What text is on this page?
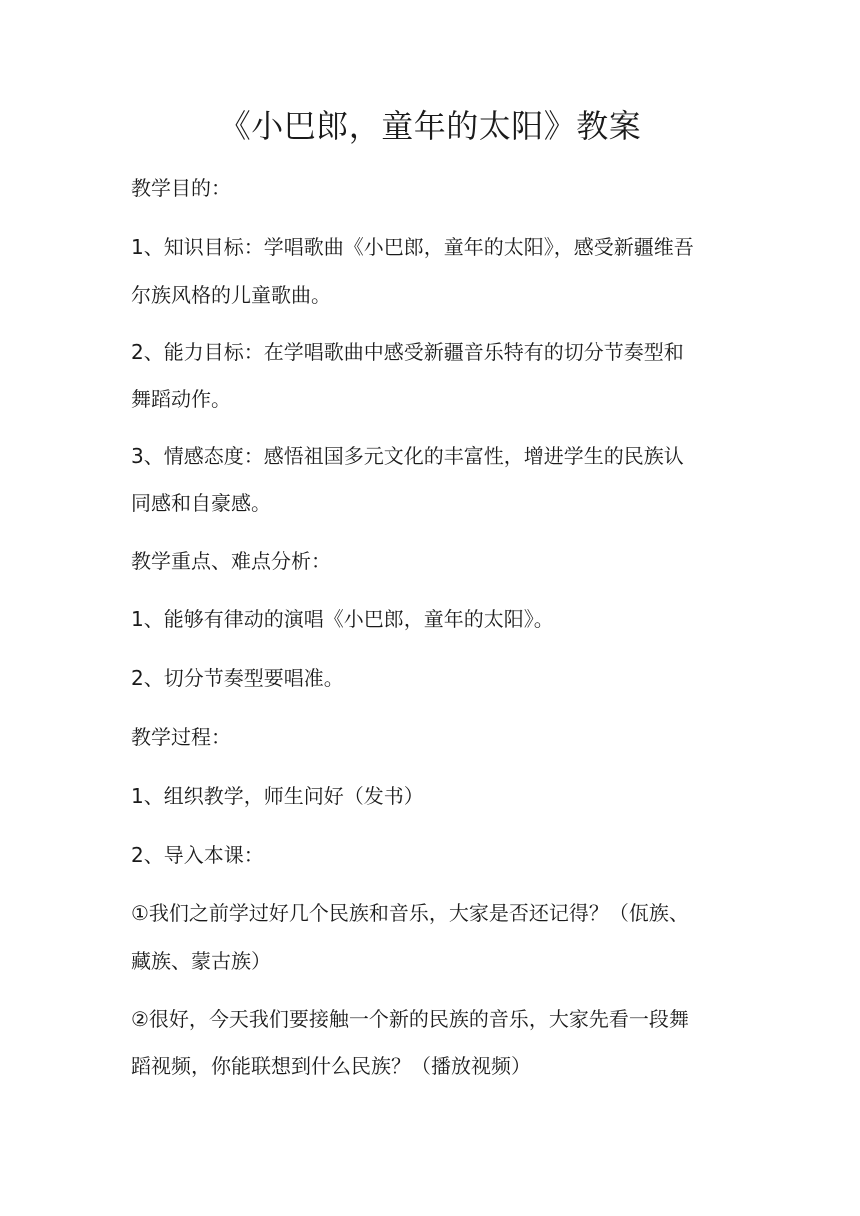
《小巴郎，童年的太阳》教案
教学目的：
1、知识目标：学唱歌曲《小巴郎，童年的太阳》，感受新疆维吾
尔族风格的儿童歌曲。
2、能力目标：在学唱歌曲中感受新疆音乐特有的切分节奏型和
舞蹈动作。
3、情感态度：感悟祖国多元文化的丰富性，增进学生的民族认
同感和自豪感。
教学重点、难点分析：
1、能够有律动的演唱《小巴郎，童年的太阳》。
2、切分节奏型要唱准。
教学过程：
1、组织教学，师生问好（发书）
2、导入本课：
①我们之前学过好几个民族和音乐，大家是否还记得？（佤族、
藏族、蒙古族）
②很好，今天我们要接触一个新的民族的音乐，大家先看一段舞
蹈视频，你能联想到什么民族？（播放视频）
